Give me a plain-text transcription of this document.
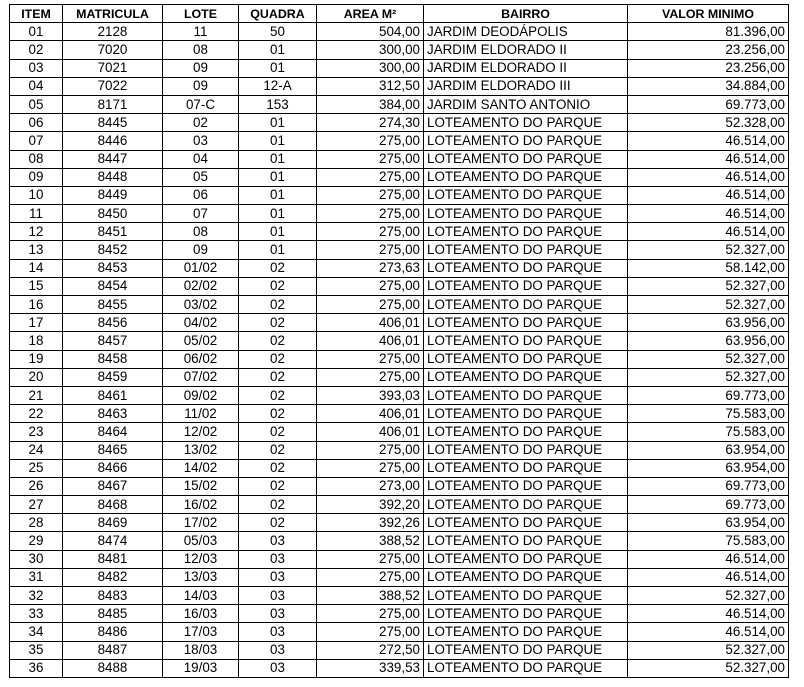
ITEM	MATRICULA	LOTE	QUADRA	AREA M²	BAIRRO	VALOR MINIMO
01	2128	11	50	504,00	JARDIM DEODÁPOLIS	81.396,00
02	7020	08	01	300,00	JARDIM ELDORADO II	23.256,00
03	7021	09	01	300,00	JARDIM ELDORADO II	23.256,00
04	7022	09	12-A	312,50	JARDIM ELDORADO III	34.884,00
05	8171	07-C	153	384,00	JARDIM SANTO ANTONIO	69.773,00
06	8445	02	01	274,30	LOTEAMENTO DO PARQUE	52.328,00
07	8446	03	01	275,00	LOTEAMENTO DO PARQUE	46.514,00
08	8447	04	01	275,00	LOTEAMENTO DO PARQUE	46.514,00
09	8448	05	01	275,00	LOTEAMENTO DO PARQUE	46.514,00
10	8449	06	01	275,00	LOTEAMENTO DO PARQUE	46.514,00
11	8450	07	01	275,00	LOTEAMENTO DO PARQUE	46.514,00
12	8451	08	01	275,00	LOTEAMENTO DO PARQUE	46.514,00
13	8452	09	01	275,00	LOTEAMENTO DO PARQUE	52.327,00
14	8453	01/02	02	273,63	LOTEAMENTO DO PARQUE	58.142,00
15	8454	02/02	02	275,00	LOTEAMENTO DO PARQUE	52.327,00
16	8455	03/02	02	275,00	LOTEAMENTO DO PARQUE	52.327,00
17	8456	04/02	02	406,01	LOTEAMENTO DO PARQUE	63.956,00
18	8457	05/02	02	406,01	LOTEAMENTO DO PARQUE	63.956,00
19	8458	06/02	02	275,00	LOTEAMENTO DO PARQUE	52.327,00
20	8459	07/02	02	275,00	LOTEAMENTO DO PARQUE	52.327,00
21	8461	09/02	02	393,03	LOTEAMENTO DO PARQUE	69.773,00
22	8463	11/02	02	406,01	LOTEAMENTO DO PARQUE	75.583,00
23	8464	12/02	02	406,01	LOTEAMENTO DO PARQUE	75.583,00
24	8465	13/02	02	275,00	LOTEAMENTO DO PARQUE	63.954,00
25	8466	14/02	02	275,00	LOTEAMENTO DO PARQUE	63.954,00
26	8467	15/02	02	273,00	LOTEAMENTO DO PARQUE	69.773,00
27	8468	16/02	02	392,20	LOTEAMENTO DO PARQUE	69.773,00
28	8469	17/02	02	392,26	LOTEAMENTO DO PARQUE	63.954,00
29	8474	05/03	03	388,52	LOTEAMENTO DO PARQUE	75.583,00
30	8481	12/03	03	275,00	LOTEAMENTO DO PARQUE	46.514,00
31	8482	13/03	03	275,00	LOTEAMENTO DO PARQUE	46.514,00
32	8483	14/03	03	388,52	LOTEAMENTO DO PARQUE	52.327,00
33	8485	16/03	03	275,00	LOTEAMENTO DO PARQUE	46.514,00
34	8486	17/03	03	275,00	LOTEAMENTO DO PARQUE	46.514,00
35	8487	18/03	03	272,50	LOTEAMENTO DO PARQUE	52.327,00
36	8488	19/03	03	339,53	LOTEAMENTO DO PARQUE	52.327,00
